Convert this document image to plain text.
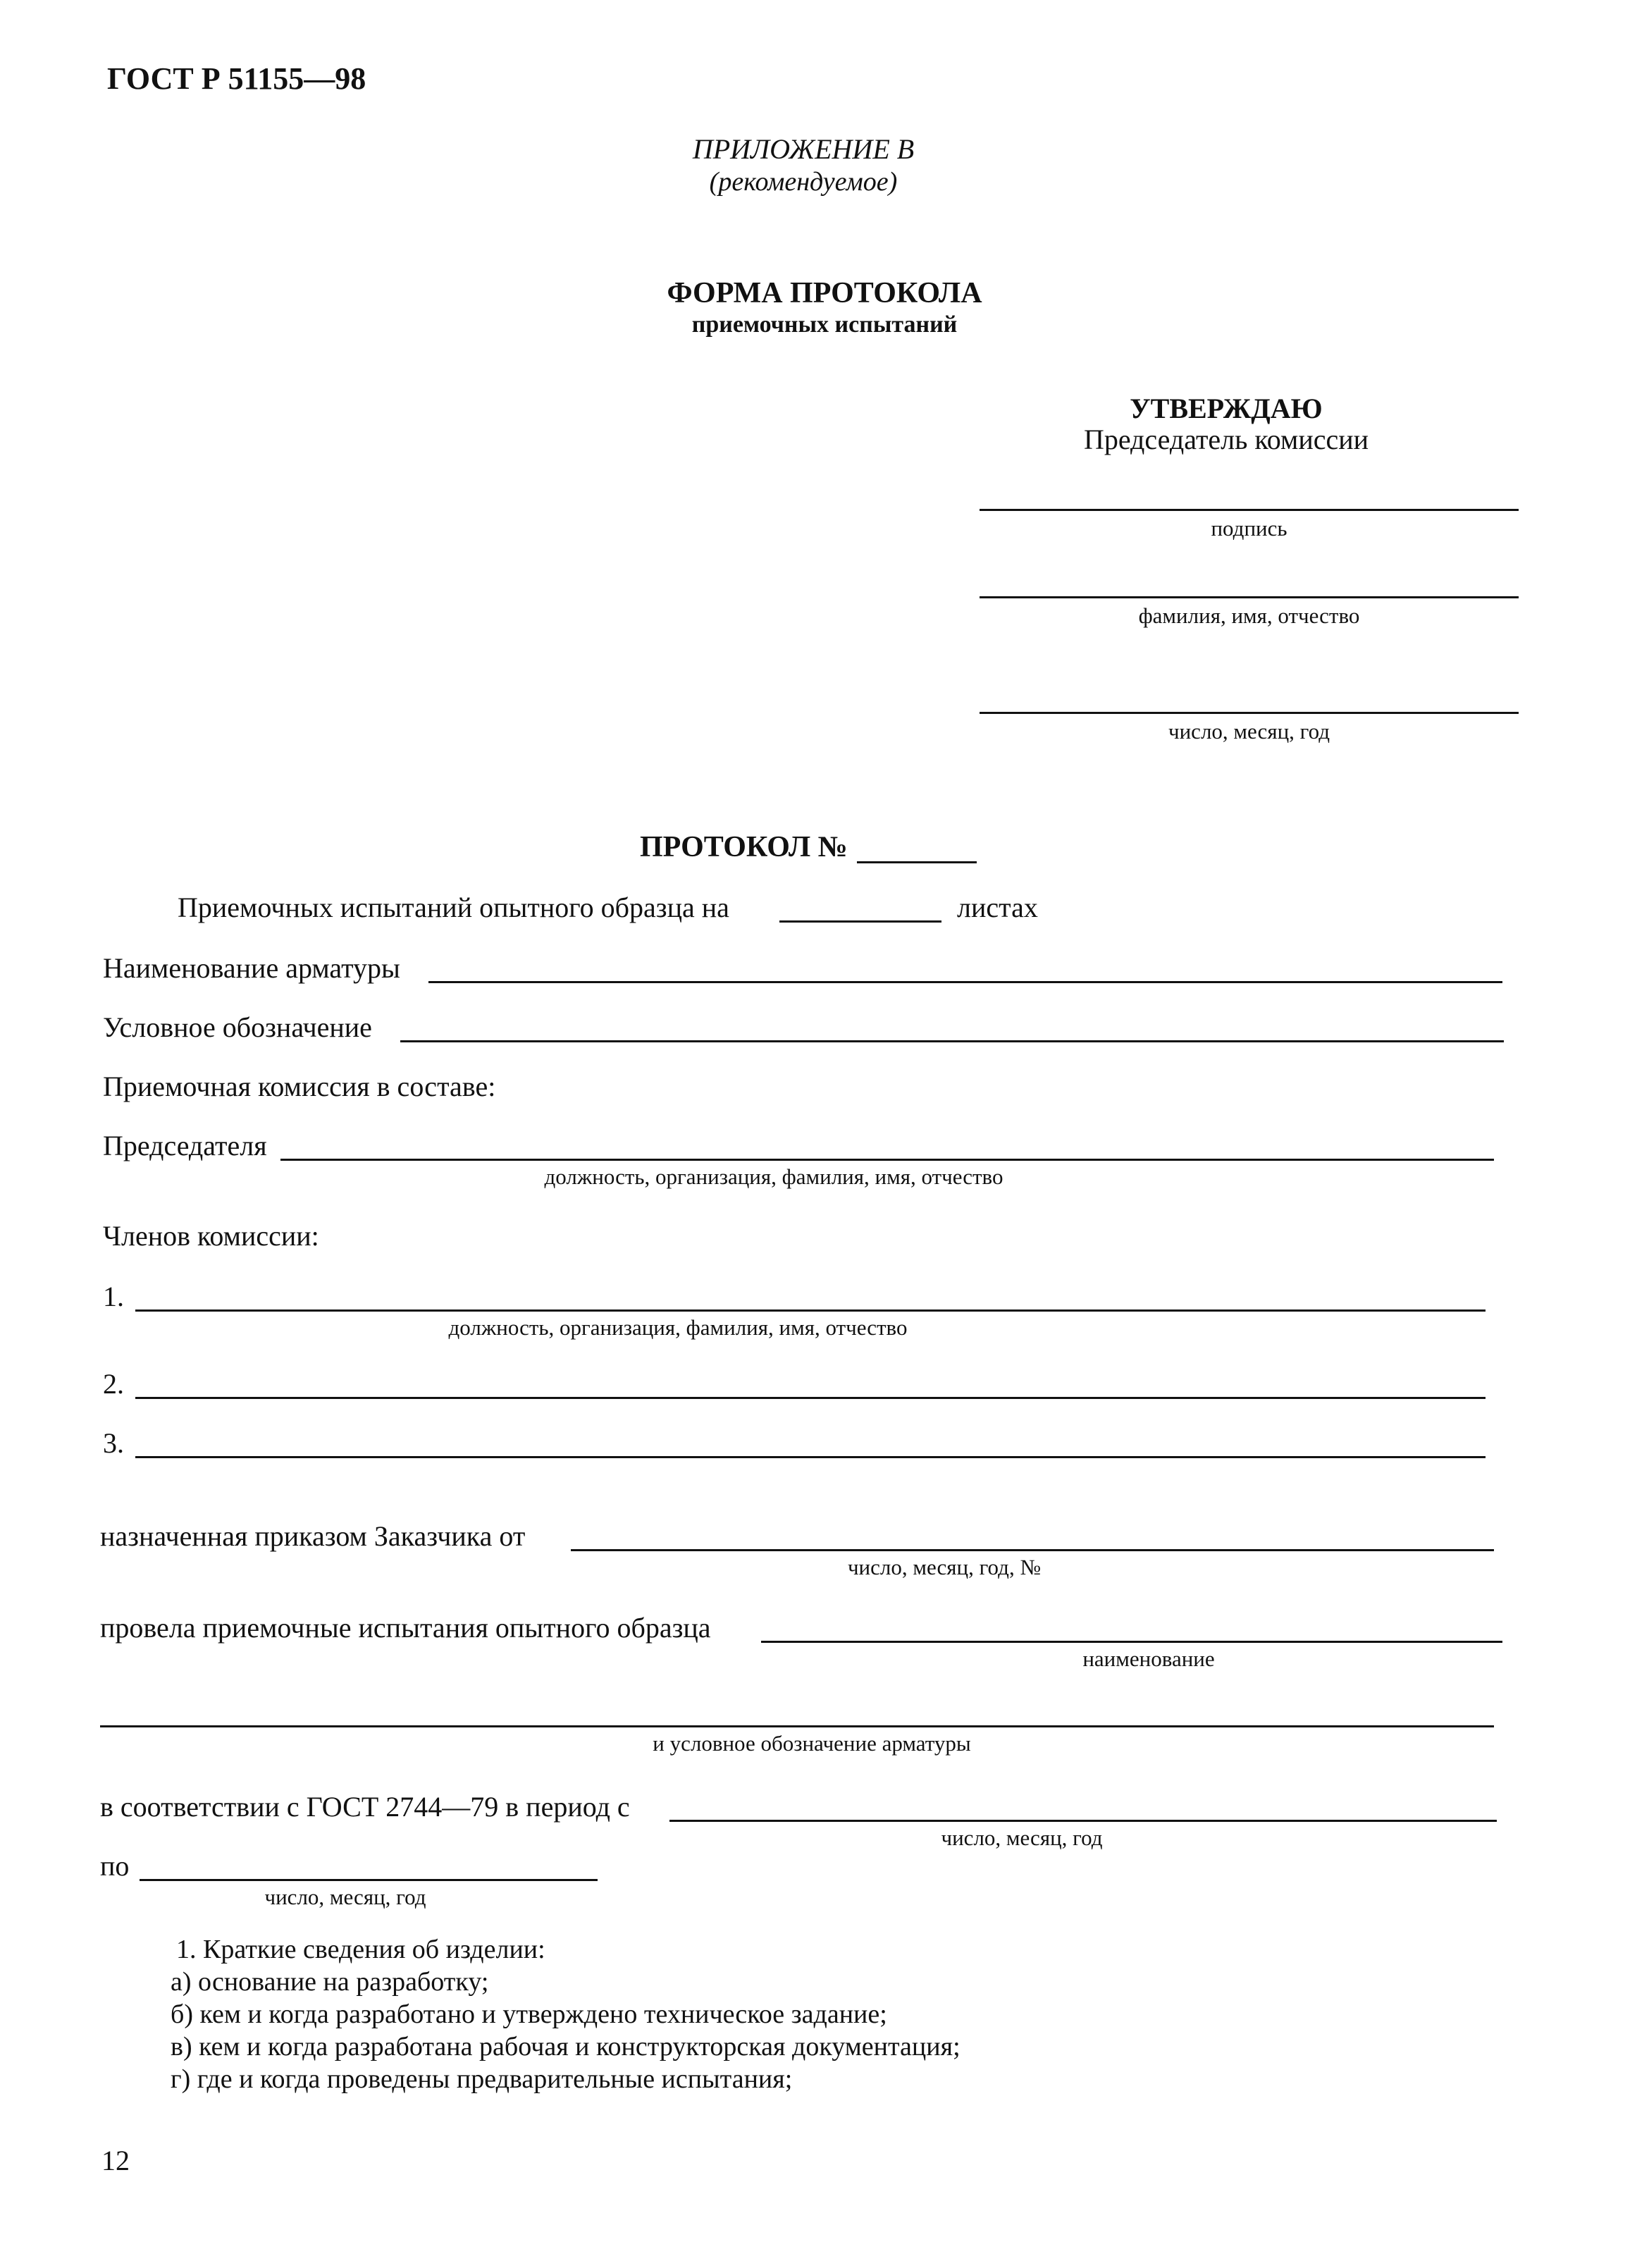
ГОСТ Р 51155—98
ПРИЛОЖЕНИЕ В
(рекомендуемое)
ФОРМА ПРОТОКОЛА
приемочных испытаний
УТВЕРЖДАЮ
Председатель комиссии
подпись
фамилия, имя, отчество
число, месяц, год
ПРОТОКОЛ №
Приемочных испытаний опытного образца на	листах
Наименование арматуры
Условное обозначение
Приемочная комиссия в составе:
Председателя
должность, организация, фамилия, имя, отчество
Членов комиссии:
1.
должность, организация, фамилия, имя, отчество
2.
3.
назначенная приказом Заказчика от
число, месяц, год, №
провела приемочные испытания опытного образца
наименование
и условное обозначение арматуры
в соответствии с ГОСТ 2744—79 в период с
число, месяц, год
по
число, месяц, год
1. Краткие сведения об изделии:
а) основание на разработку;
б) кем и когда разработано и утверждено техническое задание;
в) кем и когда разработана рабочая и конструкторская документация;
г) где и когда проведены предварительные испытания;
12
